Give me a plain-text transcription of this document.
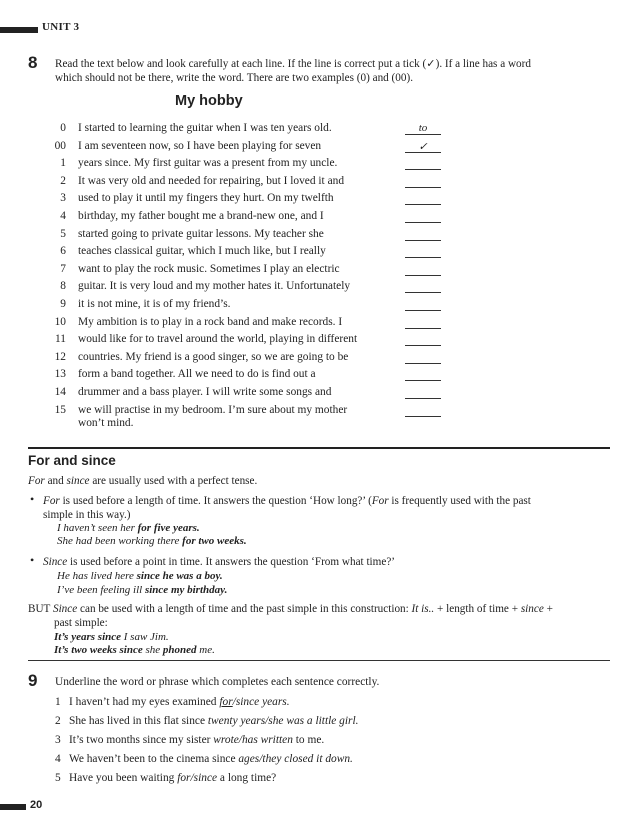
UNIT 3
8 Read the text below and look carefully at each line. If the line is correct put a tick (✓). If a line has a word
which should not be there, write the word. There are two examples (0) and (00).
My hobby
0 I started to learning the guitar when I was ten years old.	to
00 I am seventeen now, so I have been playing for seven	✓
1 years since. My first guitar was a present from my uncle.
2 It was very old and needed for repairing, but I loved it and
3 used to play it until my fingers they hurt. On my twelfth
4 birthday, my father bought me a brand-new one, and I
5 started going to private guitar lessons. My teacher she
6 teaches classical guitar, which I much like, but I really
7 want to play the rock music. Sometimes I play an electric
8 guitar. It is very loud and my mother hates it. Unfortunately
9 it is not mine, it is of my friend’s.
10 My ambition is to play in a rock band and make records. I
11 would like for to travel around the world, playing in different
12 countries. My friend is a good singer, so we are going to be
13 form a band together. All we need to do is find out a
14 drummer and a bass player. I will write some songs and
15 we will practise in my bedroom. I’m sure about my mother
won’t mind.
For and since
For and since are usually used with a perfect tense.
• For is used before a length of time. It answers the question ‘How long?’ (For is frequently used with the past
simple in this way.)
I haven’t seen her for five years.
She had been working there for two weeks.
• Since is used before a point in time. It answers the question ‘From what time?’
He has lived here since he was a boy.
I’ve been feeling ill since my birthday.
BUT Since can be used with a length of time and the past simple in this construction: It is.. + length of time + since +
past simple:
It’s years since I saw Jim.
It’s two weeks since she phoned me.
9 Underline the word or phrase which completes each sentence correctly.
1 I haven’t had my eyes examined for/since years.
2 She has lived in this flat since twenty years/she was a little girl.
3 It’s two months since my sister wrote/has written to me.
4 We haven’t been to the cinema since ages/they closed it down.
5 Have you been waiting for/since a long time?
20
